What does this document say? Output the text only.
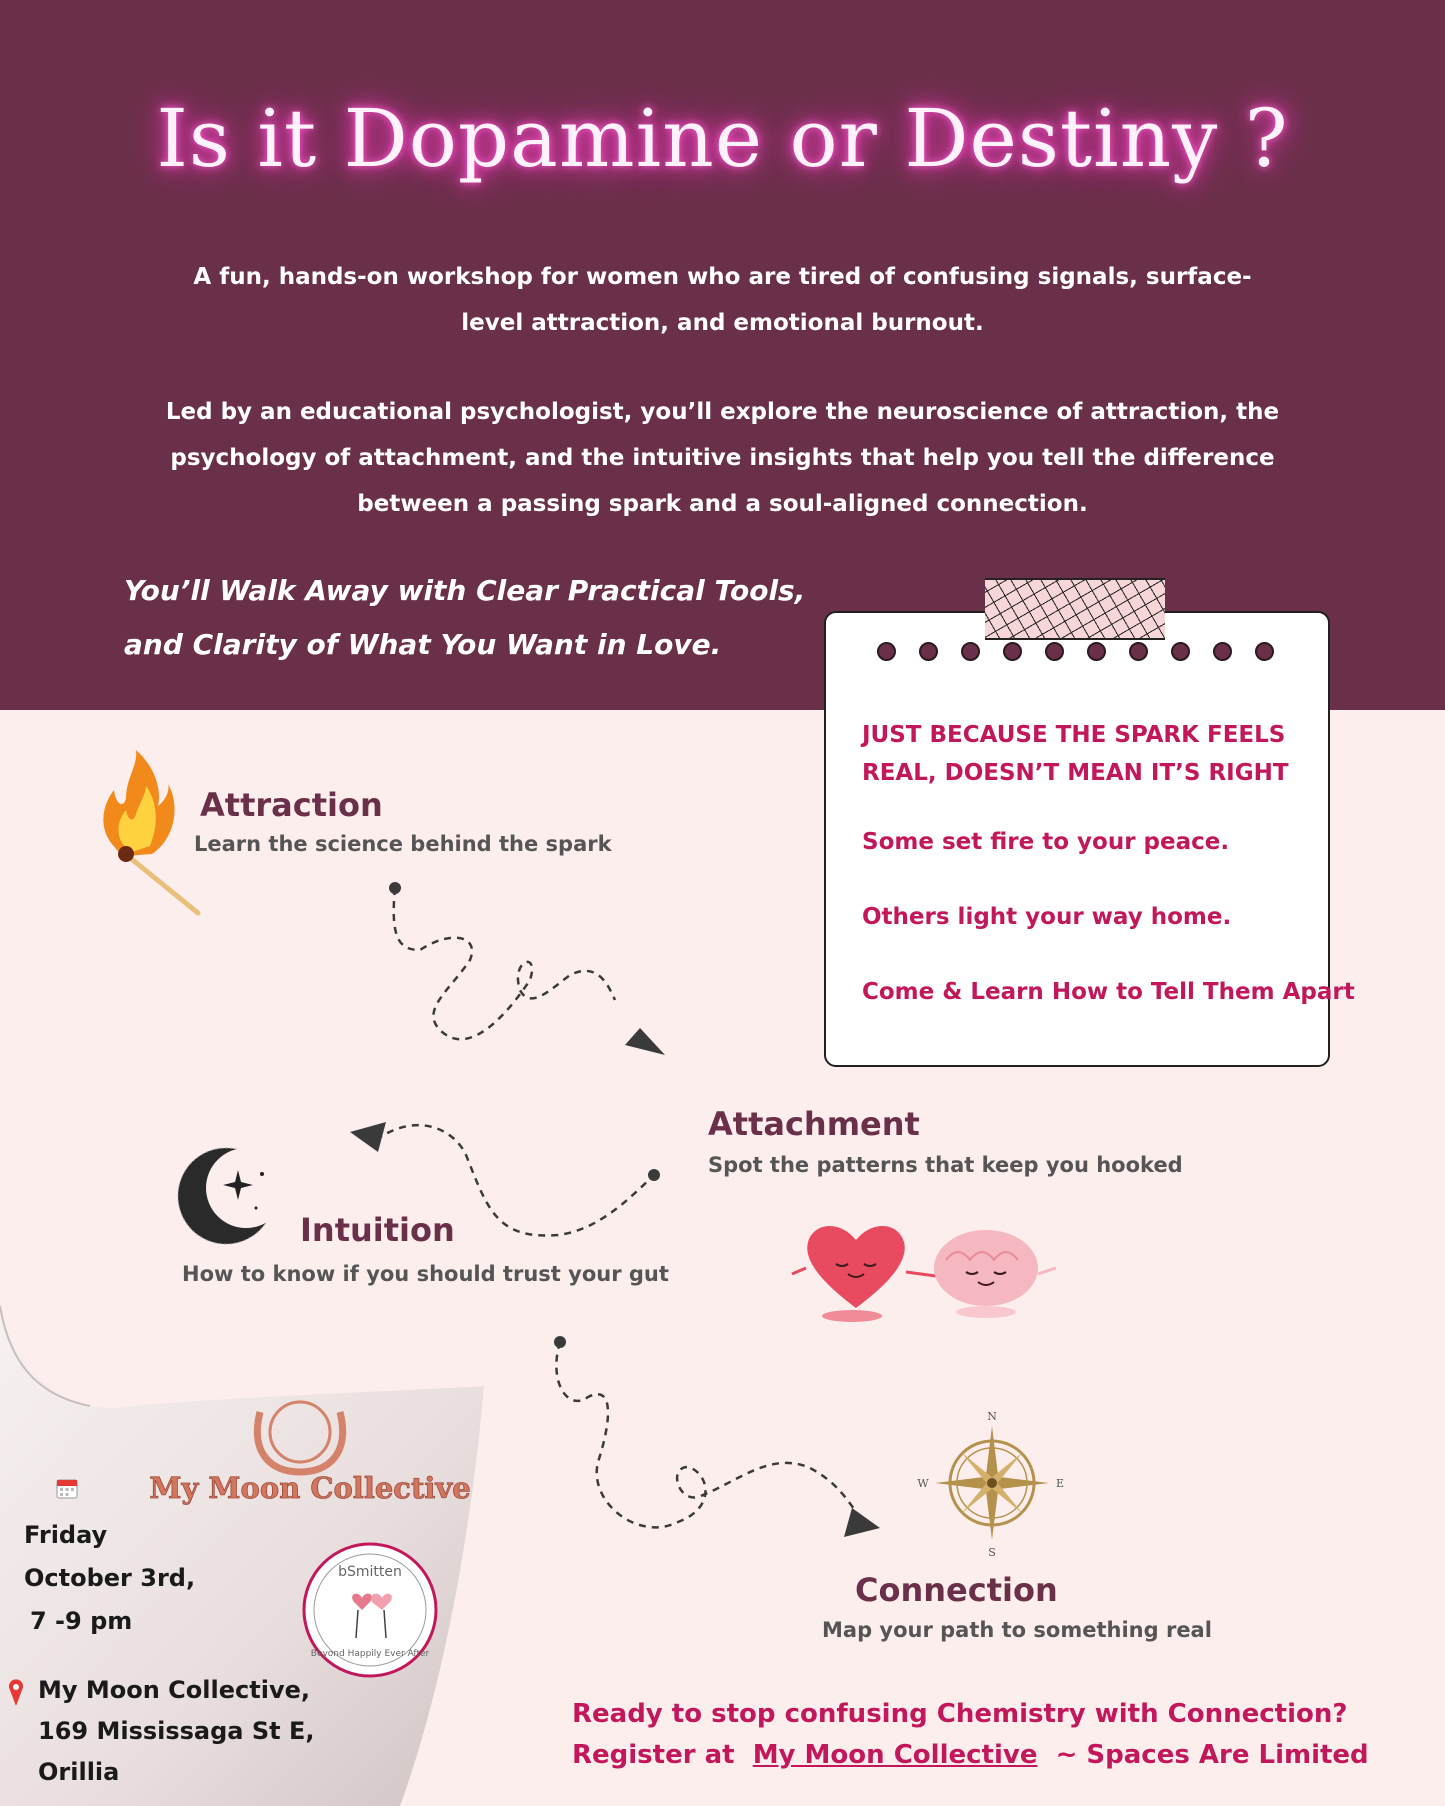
Is it Dopamine or Destiny ?
A fun, hands-on workshop for women who are tired of confusing signals, surface-
level attraction, and emotional burnout.
Led by an educational psychologist, you’ll explore the neuroscience of attraction, the
psychology of attachment, and the intuitive insights that help you tell the difference
between a passing spark and a soul-aligned connection.
You’ll Walk Away with Clear Practical Tools,
and Clarity of What You Want in Love.
JUST BECAUSE THE SPARK FEELS
REAL, DOESN’T MEAN IT’S RIGHT
Some set fire to your peace.
Others light your way home.
Come & Learn How to Tell Them Apart
Attraction
Learn the science behind the spark
Attachment
Spot the patterns that keep you hooked
Intuition
How to know if you should trust your gut
N
E
S
W
Connection
Map your path to something real
My Moon Collective
bSmitten
Beyond Happily Ever After
Friday
October 3rd,
7 -9 pm
My Moon Collective,
169 Mississaga St E,
Orillia
Ready to stop confusing Chemistry with Connection?
Register at My Moon Collective ~ Spaces Are Limited
